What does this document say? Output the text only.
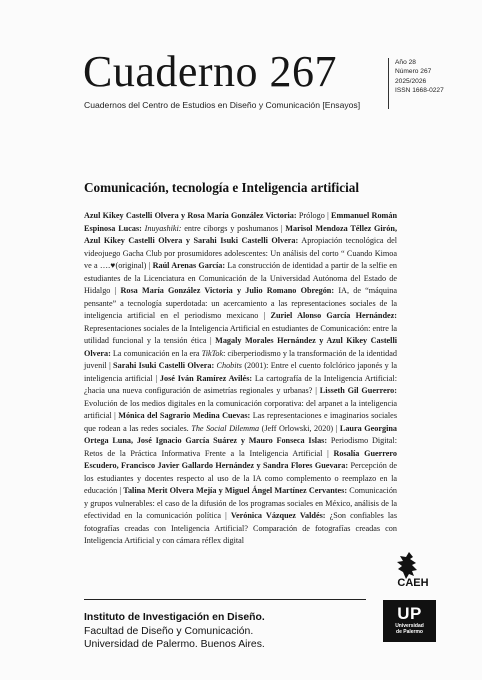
Cuaderno 267
Cuadernos del Centro de Estudios en Diseño y Comunicación [Ensayos]
Año 28
Número 267
2025/2026
ISSN 1668-0227
Comunicación, tecnología e Inteligencia artificial
Azul Kikey Castelli Olvera y Rosa María González Victoria: Prólogo | Emmanuel Román Espinosa Lucas: Inuyashiki: entre ciborgs y poshumanos | Marisol Mendoza Téllez Girón, Azul Kikey Castelli Olvera y Sarahi Isuki Castelli Olvera: Apropiación tecnológica del videojuego Gacha Club por prosumidores adolescentes: Un análisis del corto “ Cuando Kimoa ve a ….♥(original) | Raúl Arenas García: La construcción de identidad a partir de la selfie en estudiantes de la Licenciatura en Comunicación de la Universidad Autónoma del Estado de Hidalgo | Rosa María González Victoria y Julio Romano Obregón: IA, de “máquina pensante” a tecnología superdotada: un acercamiento a las representaciones sociales de la inteligencia artificial en el periodismo mexicano | Zuriel Alonso García Hernández: Representaciones sociales de la Inteligencia Artificial en estudiantes de Comunicación: entre la utilidad funcional y la tensión ética | Magaly Morales Hernández y Azul Kikey Castelli Olvera: La comunicación en la era TikTok: ciberperiodismo y la transformación de la identidad juvenil | Sarahi Isuki Castelli Olvera: Chobits (2001): Entre el cuento folclórico japonés y la inteligencia artificial | José Iván Ramírez Avilés: La cartografía de la Inteligencia Artificial: ¿hacia una nueva configuración de asimetrías regionales y urbanas? | Lisseth Gil Guerrero: Evolución de los medios digitales en la comunicación corporativa: del arpanet a la inteligencia artificial | Mónica del Sagrario Medina Cuevas: Las representaciones e imaginarios sociales que rodean a las redes sociales. The Social Dilemma (Jeff Orlowski, 2020) | Laura Georgina Ortega Luna, José Ignacio García Suárez y Mauro Fonseca Islas: Periodismo Digital: Retos de la Práctica Informativa Frente a la Inteligencia Artificial | Rosalía Guerrero Escudero, Francisco Javier Gallardo Hernández y Sandra Flores Guevara: Percepción de los estudiantes y docentes respecto al uso de la IA como complemento o reemplazo en la educación | Talina Merit Olvera Mejía y Miguel Ángel Martínez Cervantes: Comunicación y grupos vulnerables: el caso de la difusión de los programas sociales en México, análisis de la efectividad en la comunicación política | Verónica Vázquez Valdés: ¿Son confiables las fotografías creadas con Inteligencia Artificial? Comparación de fotografías creadas con Inteligencia Artificial y con cámara réflex digital
Instituto de Investigación en Diseño.
Facultad de Diseño y Comunicación.
Universidad de Palermo. Buenos Aires.
CAEH
UP
Universidad
de Palermo
